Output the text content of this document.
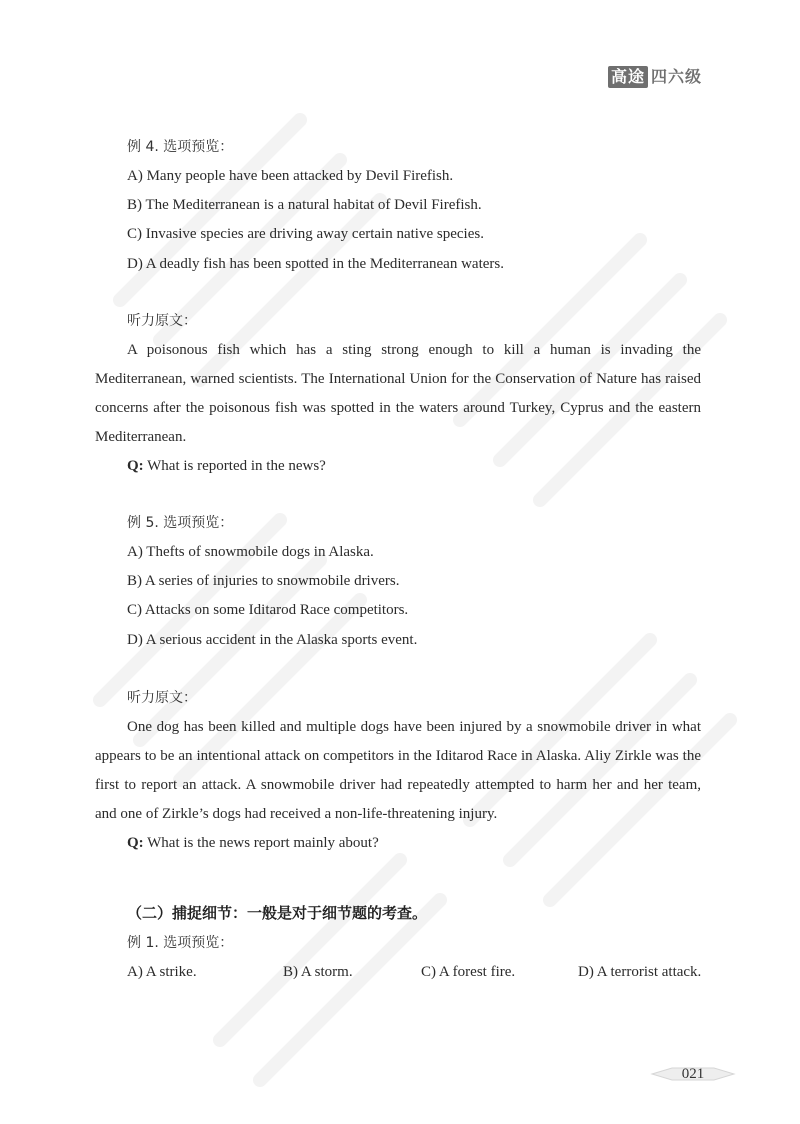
高途 四六级
例 4. 选项预览：
A) Many people have been attacked by Devil Firefish.
B) The Mediterranean is a natural habitat of Devil Firefish.
C) Invasive species are driving away certain native species.
D) A deadly fish has been spotted in the Mediterranean waters.
听力原文：

A poisonous fish which has a sting strong enough to kill a human is invading the Mediterranean, warned scientists. The International Union for the Conservation of Nature has raised concerns after the poisonous fish was spotted in the waters around Turkey, Cyprus and the eastern Mediterranean.

Q: What is reported in the news?

例 5. 选项预览：
A) Thefts of snowmobile dogs in Alaska.
B) A series of injuries to snowmobile drivers.
C) Attacks on some Iditarod Race competitors.
D) A serious accident in the Alaska sports event.
听力原文：

One dog has been killed and multiple dogs have been injured by a snowmobile driver in what appears to be an intentional attack on competitors in the Iditarod Race in Alaska. Aliy Zirkle was the first to report an attack. A snowmobile driver had repeatedly attempted to harm her and her team, and one of Zirkle’s dogs had received a non-life-threatening injury.

Q: What is the news report mainly about?

（二）捕捉细节：一般是对于细节题的考查。
例 1. 选项预览：
A) A strike.	B) A storm.	C) A forest fire.	D) A terrorist attack.
021
